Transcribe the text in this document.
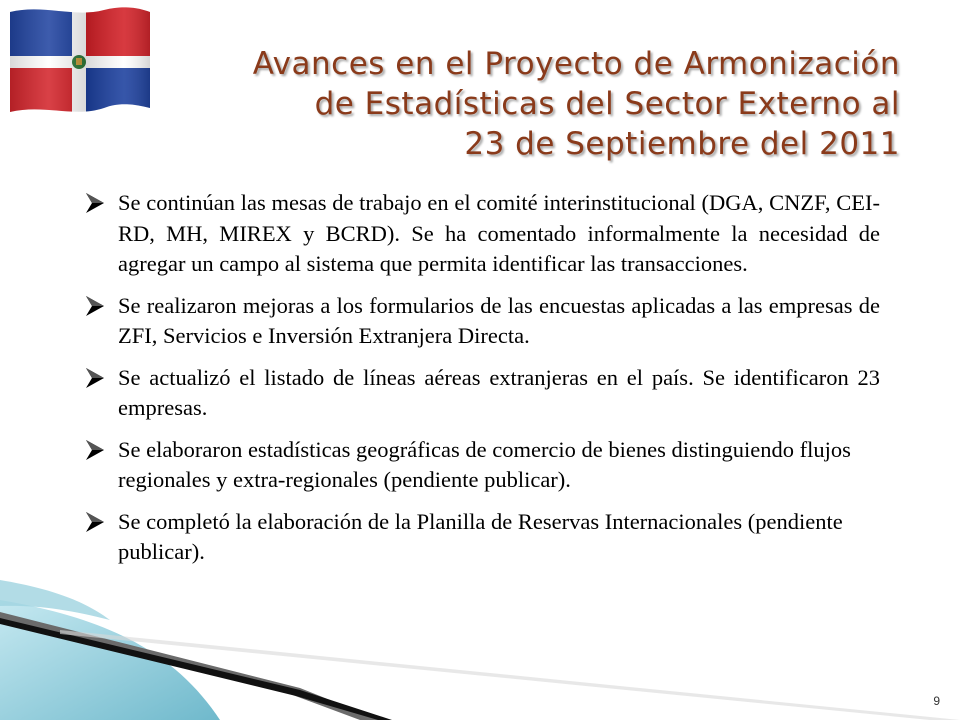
Avances en el Proyecto de Armonización
de Estadísticas del Sector Externo al
23 de Septiembre del 2011
Se continúan las mesas de trabajo en el comité interinstitucional (DGA, CNZF, CEI-RD, MH, MIREX y BCRD). Se ha comentado informalmente la necesidad de agregar un campo al sistema que permita identificar las transacciones.
Se realizaron mejoras a los formularios de las encuestas aplicadas a las empresas de ZFI, Servicios e Inversión Extranjera Directa.
Se actualizó el listado de líneas aéreas extranjeras en el país. Se identificaron 23 empresas.
Se elaboraron estadísticas geográficas de comercio de bienes distinguiendo flujos regionales y extra-regionales (pendiente publicar).
Se completó la elaboración de la Planilla de Reservas Internacionales (pendiente publicar).
9
